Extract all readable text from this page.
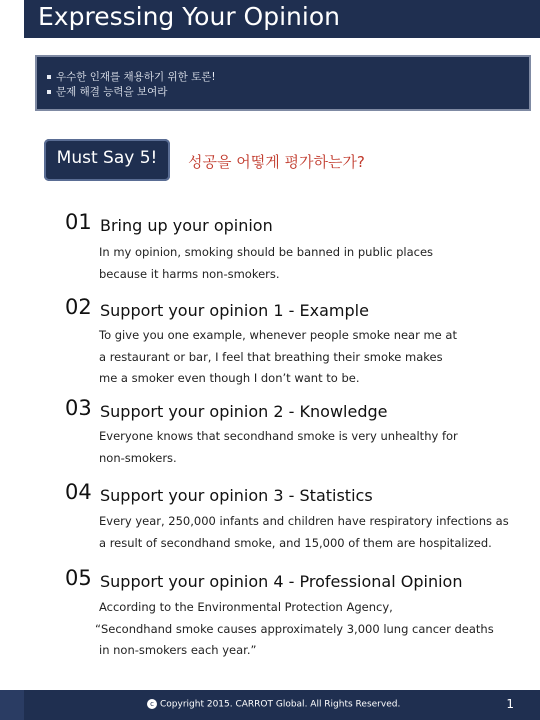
Expressing Your Opinion
우수한 인재를 채용하기 위한 토론!
문제 해결 능력을 보여라
Must Say 5!	성공을 어떻게 평가하는가?
01 Bring up your opinion
In my opinion, smoking should be banned in public places
because it harms non-smokers.
02 Support your opinion 1 - Example
To give you one example, whenever people smoke near me at
a restaurant or bar, I feel that breathing their smoke makes
me a smoker even though I don’t want to be.
03 Support your opinion 2 - Knowledge
Everyone knows that secondhand smoke is very unhealthy for
non-smokers.
04 Support your opinion 3 - Statistics
Every year, 250,000 infants and children have respiratory infections as
a result of secondhand smoke, and 15,000 of them are hospitalized.
05 Support your opinion 4 - Professional Opinion
According to the Environmental Protection Agency,
“Secondhand smoke causes approximately 3,000 lung cancer deaths
in non-smokers each year.”
c Copyright 2015. CARROT Global. All Rights Reserved.	1
